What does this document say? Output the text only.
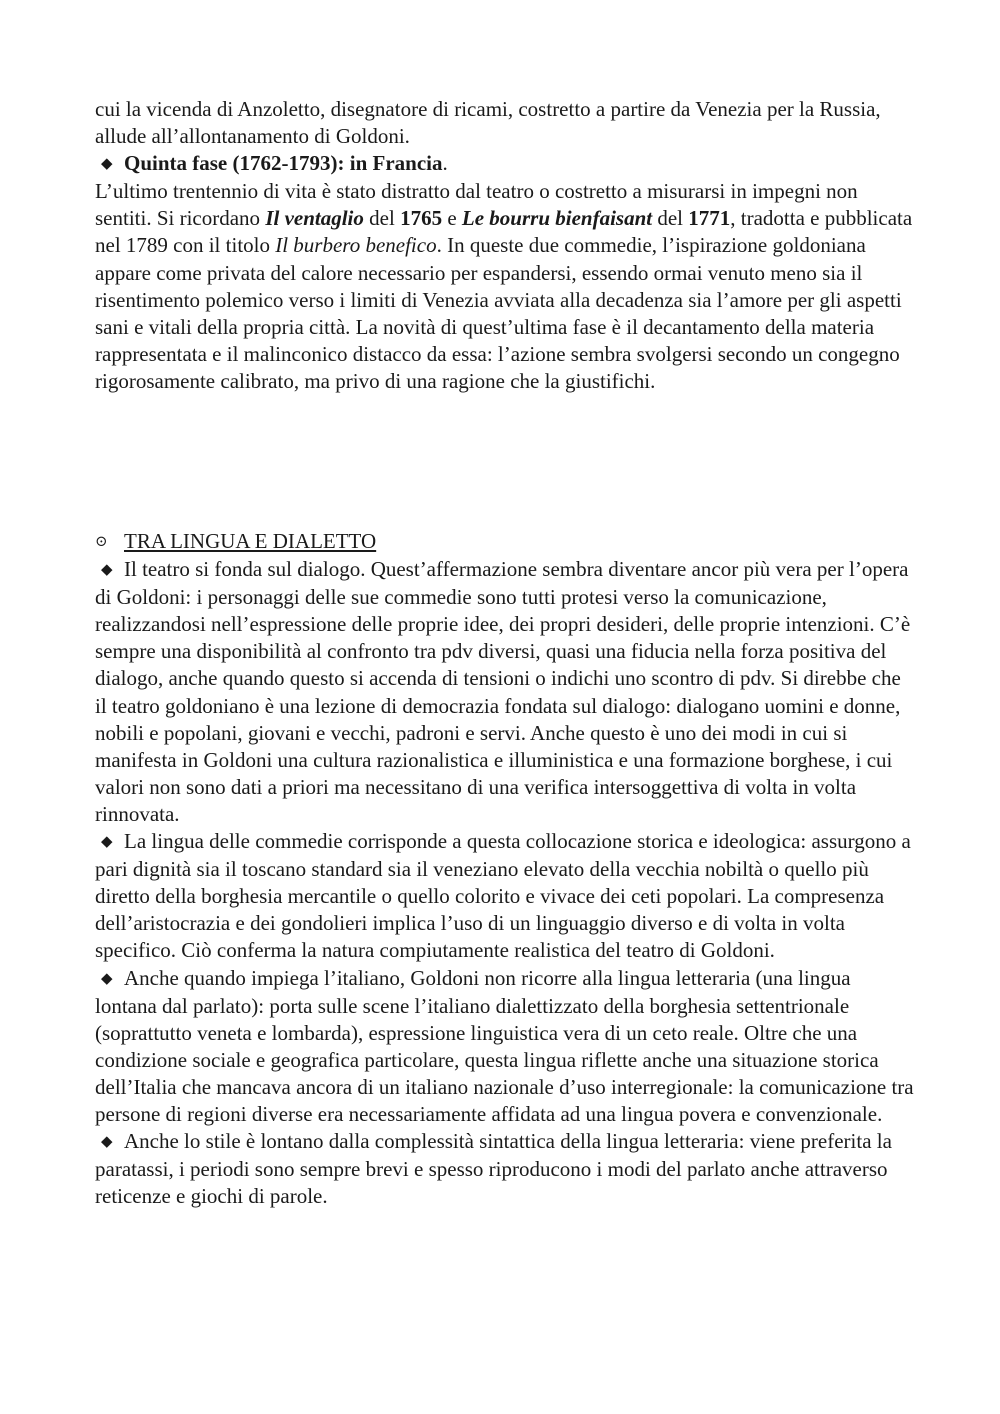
cui la vicenda di Anzoletto, disegnatore di ricami, costretto a partire da Venezia per la Russia, allude all’allontanamento di Goldoni.

◆ Quinta fase (1762-1793): in Francia.

L’ultimo trentennio di vita è stato distratto dal teatro o costretto a misurarsi in impegni non sentiti. Si ricordano Il ventaglio del 1765 e Le bourru bienfaisant del 1771, tradotta e pubblicata nel 1789 con il titolo Il burbero benefico. In queste due commedie, l’ispirazione goldoniana appare come privata del calore necessario per espandersi, essendo ormai venuto meno sia il risentimento polemico verso i limiti di Venezia avviata alla decadenza sia l’amore per gli aspetti sani e vitali della propria città. La novità di quest’ultima fase è il decantamento della materia rappresentata e il malinconico distacco da essa: l’azione sembra svolgersi secondo un congegno rigorosamente calibrato, ma privo di una ragione che la giustifichi.

⊙ TRA LINGUA E DIALETTO

◆ Il teatro si fonda sul dialogo. Quest’affermazione sembra diventare ancor più vera per l’opera di Goldoni: i personaggi delle sue commedie sono tutti protesi verso la comunicazione, realizzandosi nell’espressione delle proprie idee, dei propri desideri, delle proprie intenzioni. C’è sempre una disponibilità al confronto tra pdv diversi, quasi una fiducia nella forza positiva del dialogo, anche quando questo si accenda di tensioni o indichi uno scontro di pdv. Si direbbe che il teatro goldoniano è una lezione di democrazia fondata sul dialogo: dialogano uomini e donne, nobili e popolani, giovani e vecchi, padroni e servi. Anche questo è uno dei modi in cui si manifesta in Goldoni una cultura razionalistica e illuministica e una formazione borghese, i cui valori non sono dati a priori ma necessitano di una verifica intersoggettiva di volta in volta rinnovata.

◆ La lingua delle commedie corrisponde a questa collocazione storica e ideologica: assurgono a pari dignità sia il toscano standard sia il veneziano elevato della vecchia nobiltà o quello più diretto della borghesia mercantile o quello colorito e vivace dei ceti popolari. La compresenza dell’aristocrazia e dei gondolieri implica l’uso di un linguaggio diverso e di volta in volta specifico. Ciò conferma la natura compiutamente realistica del teatro di Goldoni.

◆ Anche quando impiega l’italiano, Goldoni non ricorre alla lingua letteraria (una lingua lontana dal parlato): porta sulle scene l’italiano dialettizzato della borghesia settentrionale (soprattutto veneta e lombarda), espressione linguistica vera di un ceto reale. Oltre che una condizione sociale e geografica particolare, questa lingua riflette anche una situazione storica dell’Italia che mancava ancora di un italiano nazionale d’uso interregionale: la comunicazione tra persone di regioni diverse era necessariamente affidata ad una lingua povera e convenzionale.

◆ Anche lo stile è lontano dalla complessità sintattica della lingua letteraria: viene preferita la paratassi, i periodi sono sempre brevi e spesso riproducono i modi del parlato anche attraverso reticenze e giochi di parole.
